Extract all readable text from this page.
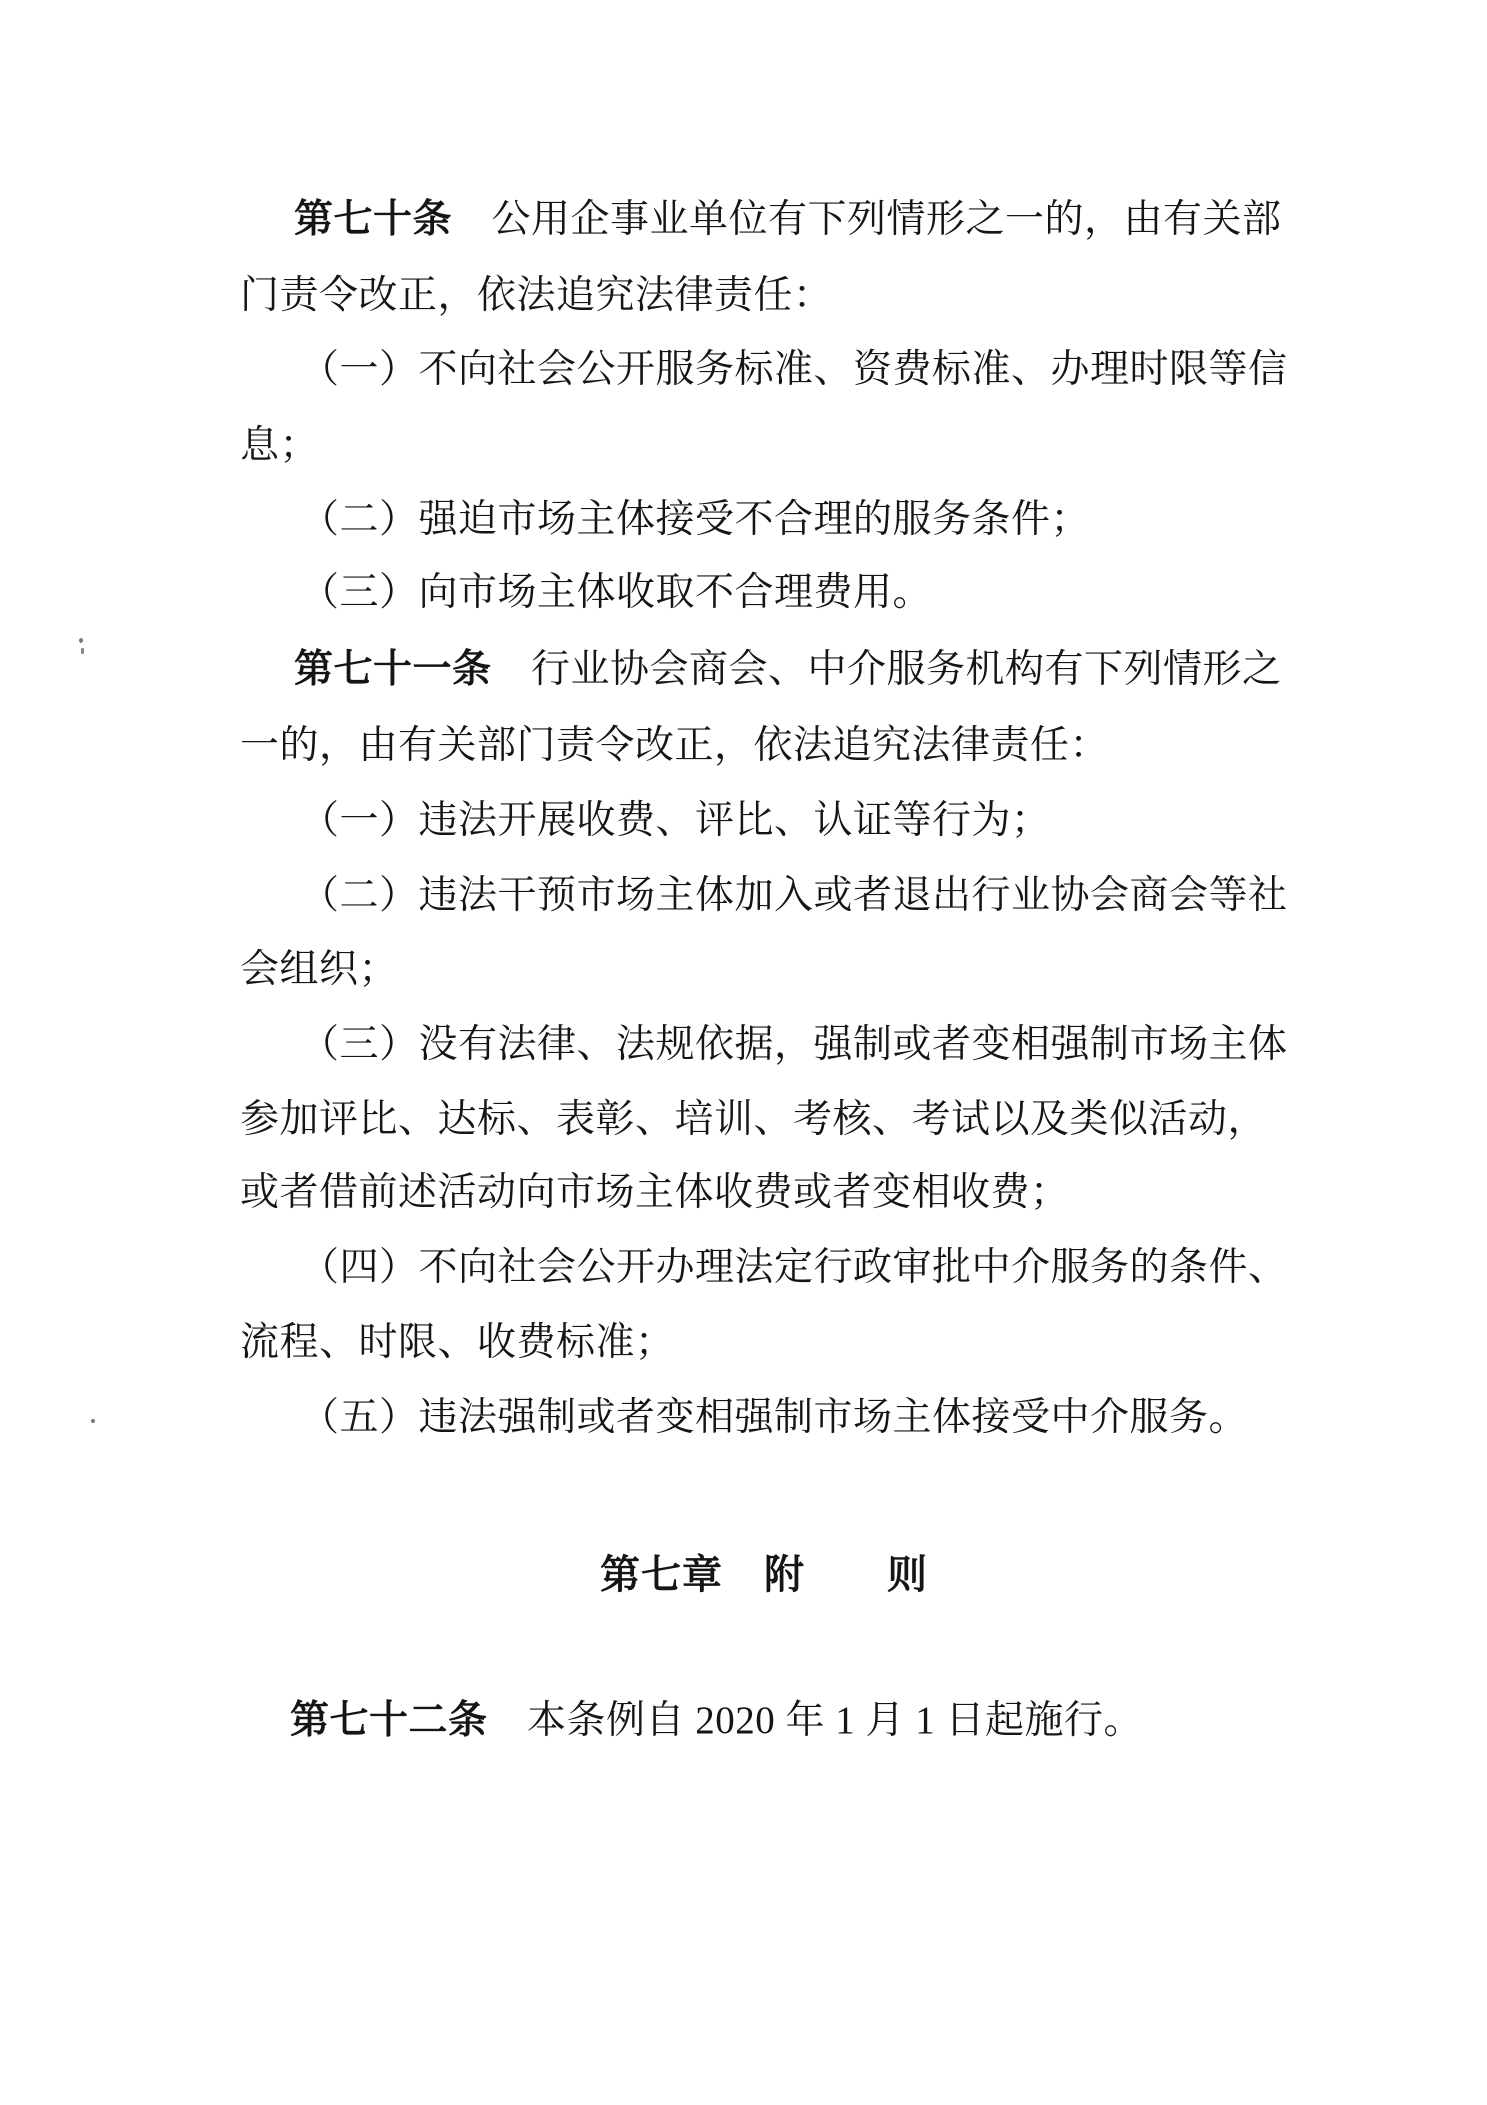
第七十条　公用企事业单位有下列情形之一的，由有关部
门责令改正，依法追究法律责任：
（一）不向社会公开服务标准、资费标准、办理时限等信
息；
（二）强迫市场主体接受不合理的服务条件；
（三）向市场主体收取不合理费用。
第七十一条　行业协会商会、中介服务机构有下列情形之
一的，由有关部门责令改正，依法追究法律责任：
（一）违法开展收费、评比、认证等行为；
（二）违法干预市场主体加入或者退出行业协会商会等社
会组织；
（三）没有法律、法规依据，强制或者变相强制市场主体
参加评比、达标、表彰、培训、考核、考试以及类似活动，
或者借前述活动向市场主体收费或者变相收费；
（四）不向社会公开办理法定行政审批中介服务的条件、
流程、时限、收费标准；
（五）违法强制或者变相强制市场主体接受中介服务。
第七章　附　　则
第七十二条　本条例自 2020 年 1 月 1 日起施行。
